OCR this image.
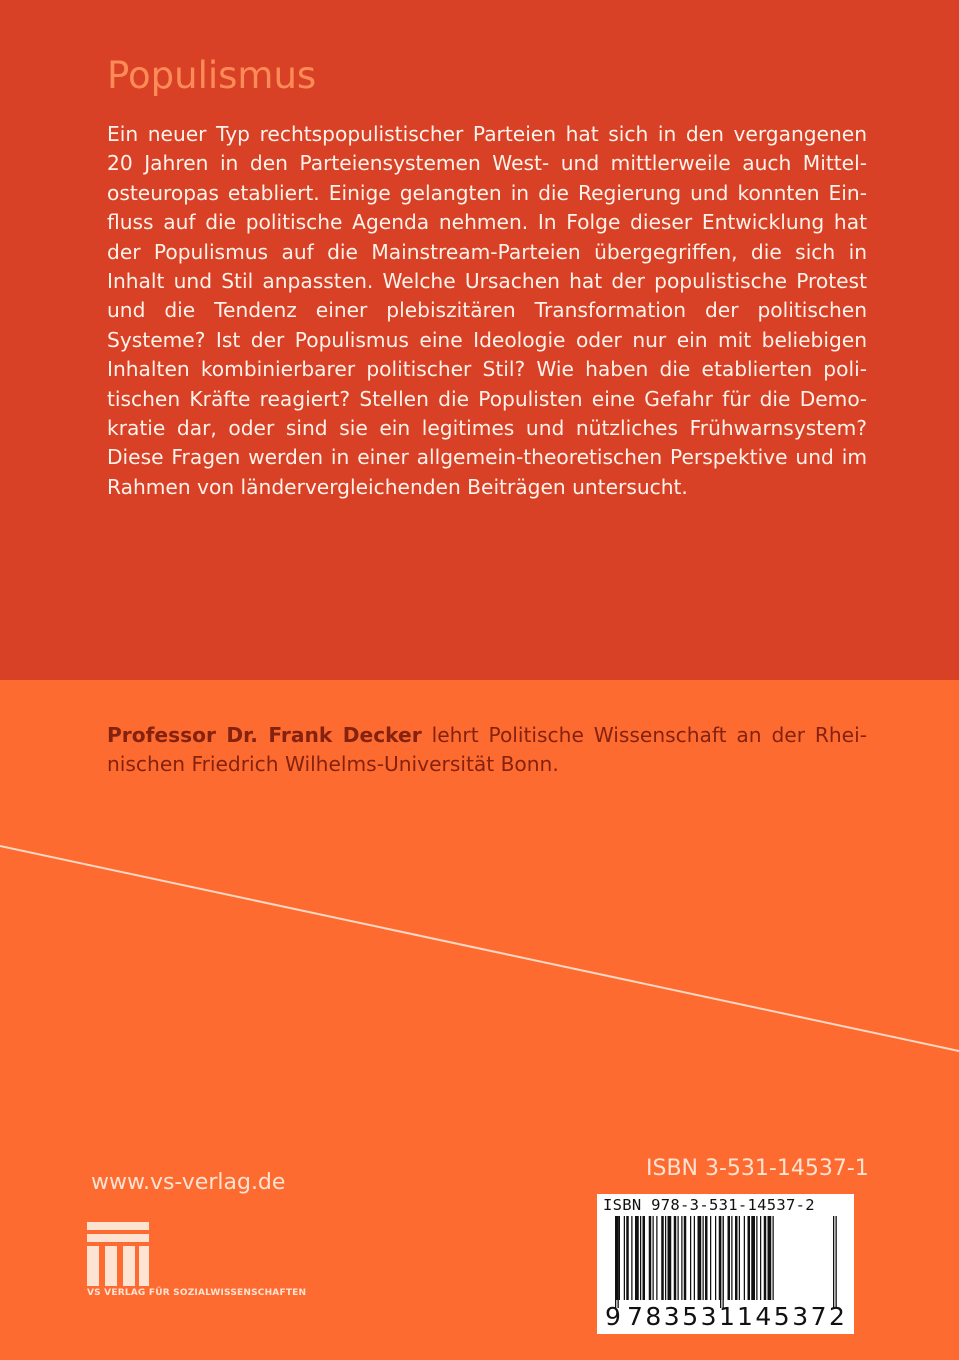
Populismus

Ein neuer Typ rechtspopulistischer Parteien hat sich in den vergangenen 20 Jahren in den Parteiensystemen West- und mittlerweile auch Mittelosteuropas etabliert. Einige gelangten in die Regierung und konnten Einfluss auf die politische Agenda nehmen. In Folge dieser Entwicklung hat der Populismus auf die Mainstream-Parteien übergegriffen, die sich in Inhalt und Stil anpassten. Welche Ursachen hat der populistische Protest und die Tendenz einer plebiszitären Transformation der politischen Systeme? Ist der Populismus eine Ideologie oder nur ein mit beliebigen Inhalten kombinierbarer politischer Stil? Wie haben die etablierten politischen Kräfte reagiert? Stellen die Populisten eine Gefahr für die Demokratie dar, oder sind sie ein legitimes und nützliches Frühwarnsystem? Diese Fragen werden in einer allgemein-theoretischen Perspektive und im Rahmen von ländervergleichenden Beiträgen untersucht.

Professor Dr. Frank Decker lehrt Politische Wissenschaft an der Rheinischen Friedrich Wilhelms-Universität Bonn.

www.vs-verlag.de
VS VERLAG FÜR SOZIALWISSENSCHAFTEN
ISBN 3-531-14537-1
ISBN 978-3-531-14537-2
9 783531 145372
